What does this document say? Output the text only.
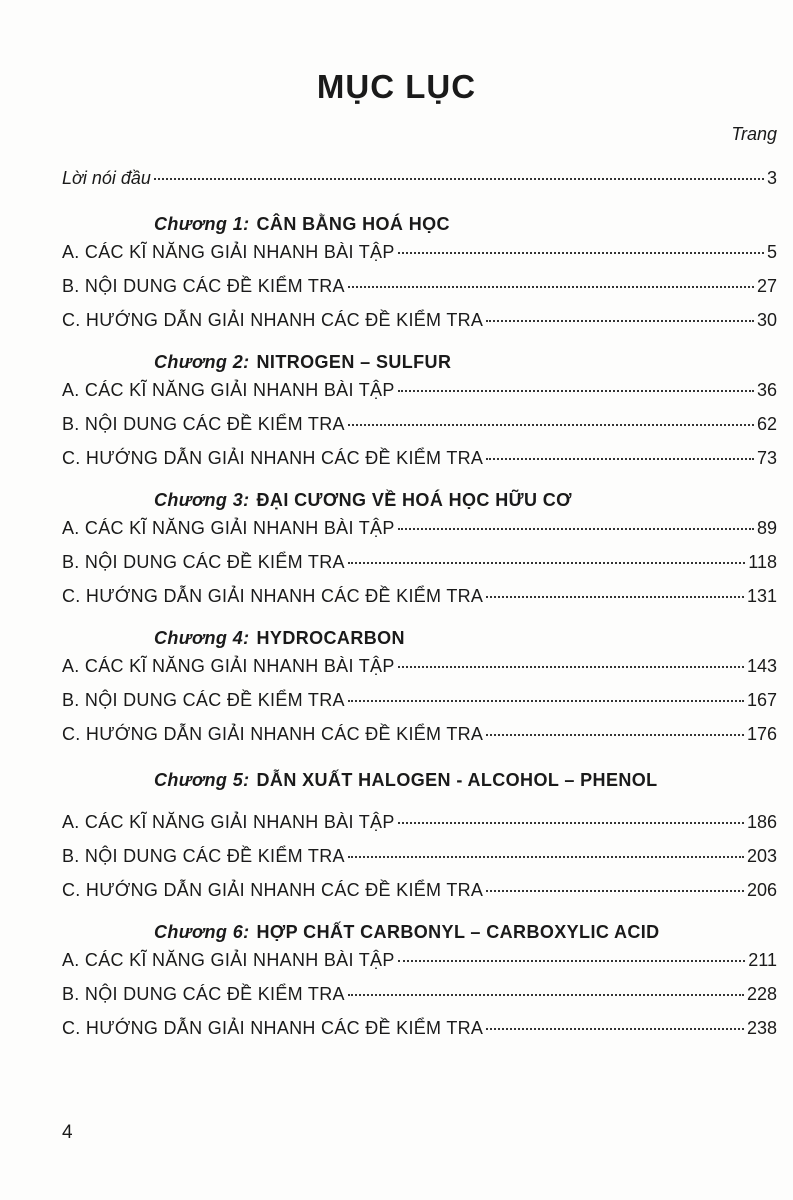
MỤC LỤC
Trang
Lời nói đầu	3
Chương 1: CÂN BẰNG HOÁ HỌC
A. CÁC KĨ NĂNG GIẢI NHANH BÀI TẬP	5
B. NỘI DUNG CÁC ĐỀ KIỂM TRA	27
C. HƯỚNG DẪN GIẢI NHANH CÁC ĐỀ KIỂM TRA	30
Chương 2: NITROGEN – SULFUR
A. CÁC KĨ NĂNG GIẢI NHANH BÀI TẬP	36
B. NỘI DUNG CÁC ĐỀ KIỂM TRA	62
C. HƯỚNG DẪN GIẢI NHANH CÁC ĐỀ KIỂM TRA	73
Chương 3: ĐẠI CƯƠNG VỀ HOÁ HỌC HỮU CƠ
A. CÁC KĨ NĂNG GIẢI NHANH BÀI TẬP	89
B. NỘI DUNG CÁC ĐỀ KIỂM TRA	118
C. HƯỚNG DẪN GIẢI NHANH CÁC ĐỀ KIỂM TRA	131
Chương 4: HYDROCARBON
A. CÁC KĨ NĂNG GIẢI NHANH BÀI TẬP	143
B. NỘI DUNG CÁC ĐỀ KIỂM TRA	167
C. HƯỚNG DẪN GIẢI NHANH CÁC ĐỀ KIỂM TRA	176
Chương 5: DẪN XUẤT HALOGEN - ALCOHOL – PHENOL
A. CÁC KĨ NĂNG GIẢI NHANH BÀI TẬP	186
B. NỘI DUNG CÁC ĐỀ KIỂM TRA	203
C. HƯỚNG DẪN GIẢI NHANH CÁC ĐỀ KIỂM TRA	206
Chương 6: HỢP CHẤT CARBONYL – CARBOXYLIC ACID
A. CÁC KĨ NĂNG GIẢI NHANH BÀI TẬP	211
B. NỘI DUNG CÁC ĐỀ KIỂM TRA	228
C. HƯỚNG DẪN GIẢI NHANH CÁC ĐỀ KIỂM TRA	238
4
